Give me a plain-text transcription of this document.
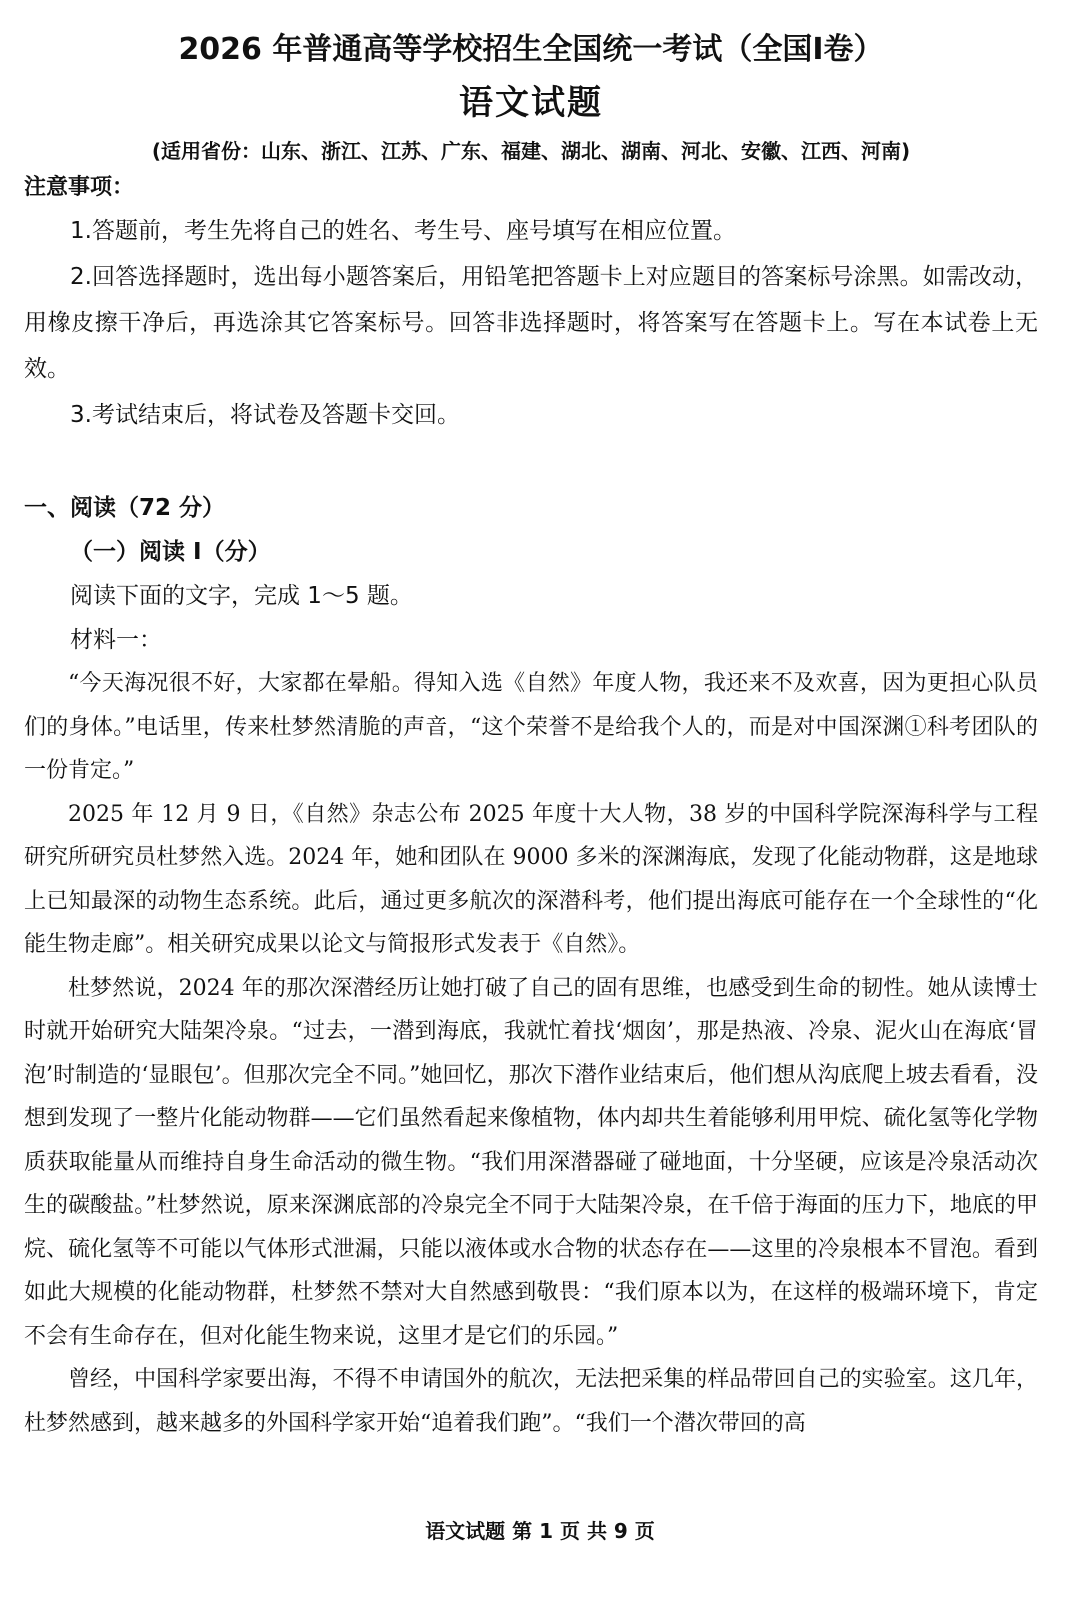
2026 年普通高等学校招生全国统一考试（全国Ⅰ卷）
语文试题

(适用省份：山东、浙江、江苏、广东、福建、湖北、湖南、河北、安徽、江西、河南)

注意事项：

1.答题前，考生先将自己的姓名、考生号、座号填写在相应位置。

2.回答选择题时，选出每小题答案后，用铅笔把答题卡上对应题目的答案标号涂黑。如需改动，用橡皮擦干净后，再选涂其它答案标号。回答非选择题时，将答案写在答题卡上。写在本试卷上无效。

3.考试结束后，将试卷及答题卡交回。

一、阅读（72 分）

（一）阅读 I（分）

阅读下面的文字，完成 1～5 题。

材料一：

“今天海况很不好，大家都在晕船。得知入选《自然》年度人物，我还来不及欢喜，因为更担心队员们的身体。”电话里，传来杜梦然清脆的声音，“这个荣誉不是给我个人的，而是对中国深渊①科考团队的一份肯定。”

2025 年 12 月 9 日，《自然》杂志公布 2025 年度十大人物，38 岁的中国科学院深海科学与工程研究所研究员杜梦然入选。2024 年，她和团队在 9000 多米的深渊海底，发现了化能动物群，这是地球上已知最深的动物生态系统。此后，通过更多航次的深潜科考，他们提出海底可能存在一个全球性的“化能生物走廊”。相关研究成果以论文与简报形式发表于《自然》。

杜梦然说，2024 年的那次深潜经历让她打破了自己的固有思维，也感受到生命的韧性。她从读博士时就开始研究大陆架冷泉。“过去，一潜到海底，我就忙着找‘烟囱’，那是热液、冷泉、泥火山在海底‘冒泡’时制造的‘显眼包’。但那次完全不同。”她回忆，那次下潜作业结束后，他们想从沟底爬上坡去看看，没想到发现了一整片化能动物群——它们虽然看起来像植物，体内却共生着能够利用甲烷、硫化氢等化学物质获取能量从而维持自身生命活动的微生物。“我们用深潜器碰了碰地面，十分坚硬，应该是冷泉活动次生的碳酸盐。”杜梦然说，原来深渊底部的冷泉完全不同于大陆架冷泉，在千倍于海面的压力下，地底的甲烷、硫化氢等不可能以气体形式泄漏，只能以液体或水合物的状态存在——这里的冷泉根本不冒泡。看到如此大规模的化能动物群，杜梦然不禁对大自然感到敬畏：“我们原本以为，在这样的极端环境下，肯定不会有生命存在，但对化能生物来说，这里才是它们的乐园。”

曾经，中国科学家要出海，不得不申请国外的航次，无法把采集的样品带回自己的实验室。这几年，杜梦然感到，越来越多的外国科学家开始“追着我们跑”。“我们一个潜次带回的高

语文试题 第 1 页 共 9 页
